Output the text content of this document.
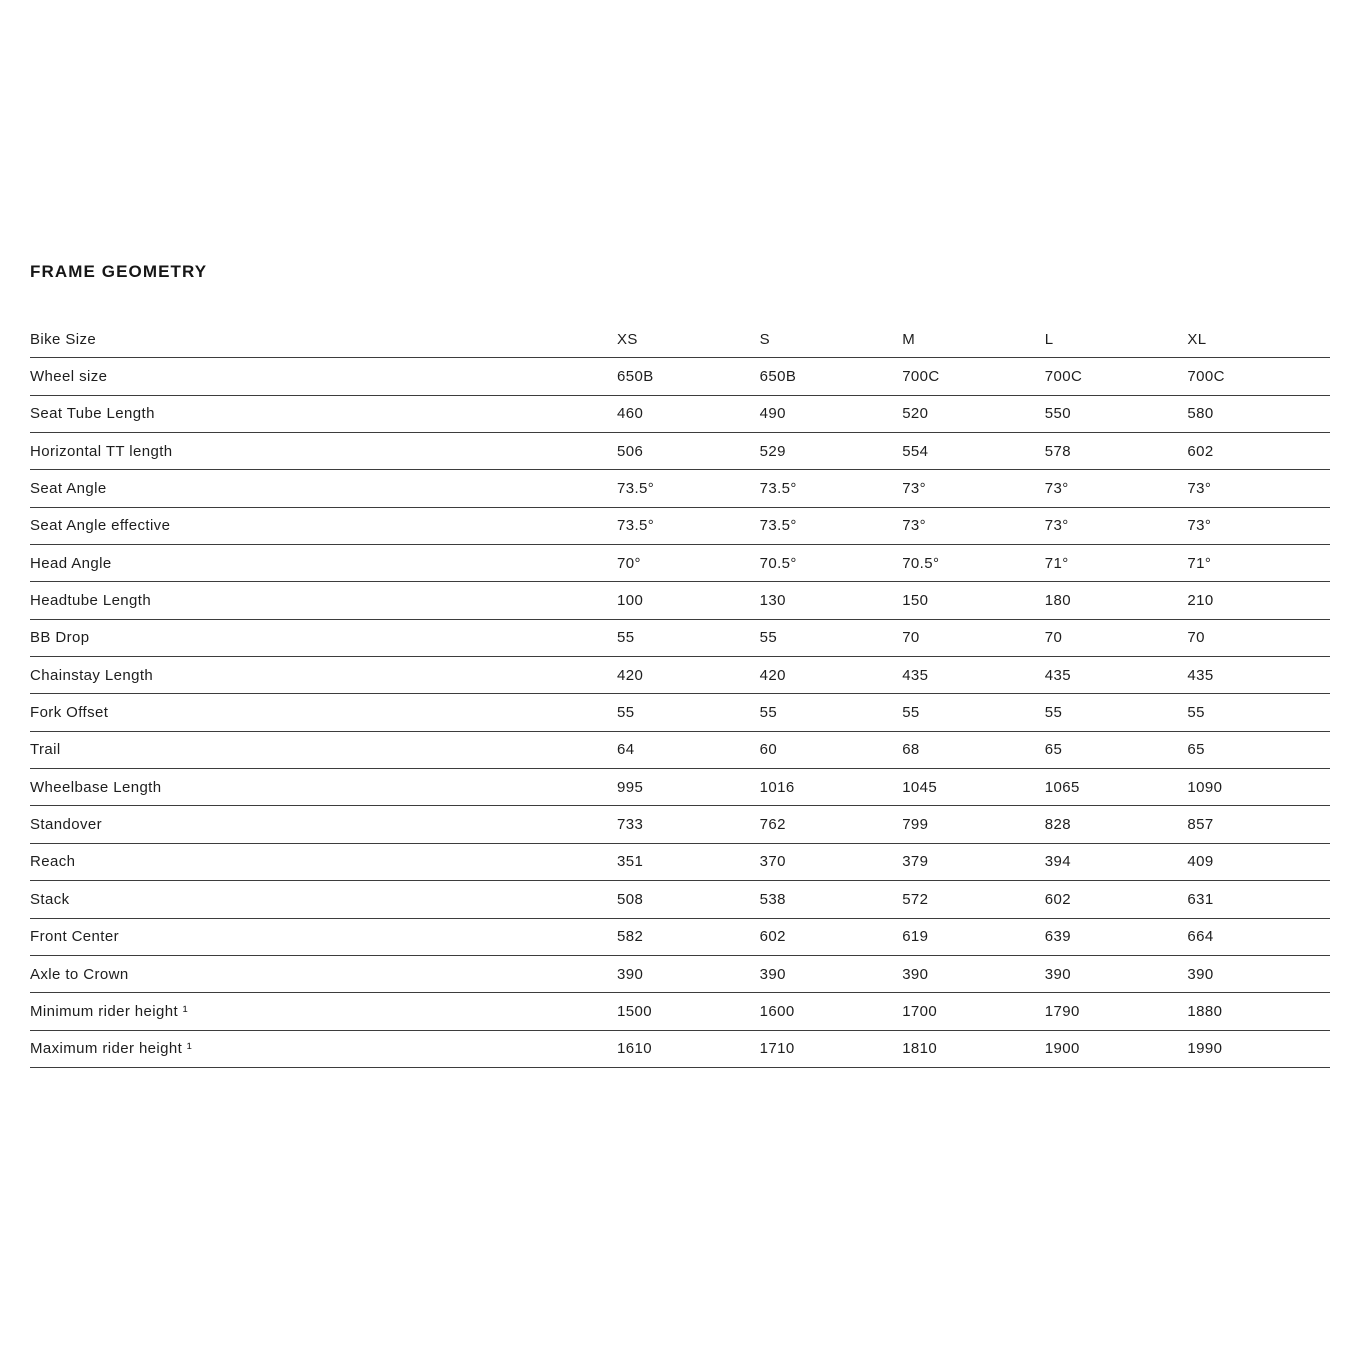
FRAME GEOMETRY
Bike Size	XS	S	M	L	XL
Wheel size	650B	650B	700C	700C	700C
Seat Tube Length	460	490	520	550	580
Horizontal TT length	506	529	554	578	602
Seat Angle	73.5°	73.5°	73°	73°	73°
Seat Angle effective	73.5°	73.5°	73°	73°	73°
Head Angle	70°	70.5°	70.5°	71°	71°
Headtube Length	100	130	150	180	210
BB Drop	55	55	70	70	70
Chainstay Length	420	420	435	435	435
Fork Offset	55	55	55	55	55
Trail	64	60	68	65	65
Wheelbase Length	995	1016	1045	1065	1090
Standover	733	762	799	828	857
Reach	351	370	379	394	409
Stack	508	538	572	602	631
Front Center	582	602	619	639	664
Axle to Crown	390	390	390	390	390
Minimum rider height ¹	1500	1600	1700	1790	1880
Maximum rider height ¹	1610	1710	1810	1900	1990
